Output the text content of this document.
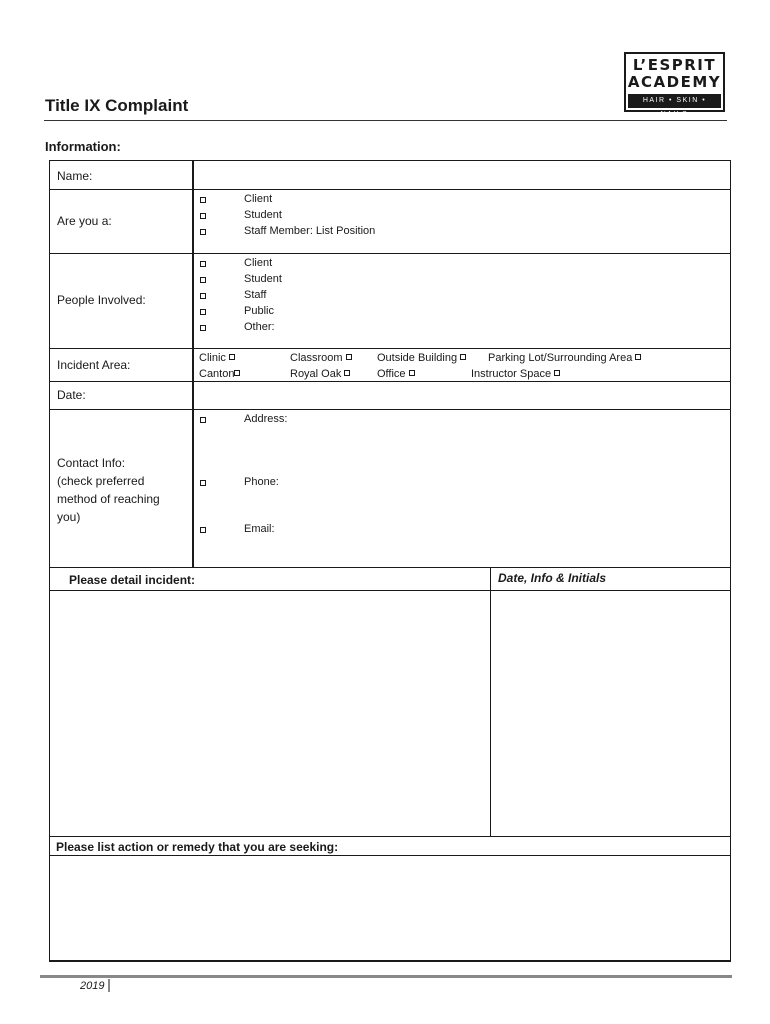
L’ESPRIT
ACADEMY
HAIR • SKIN • NAILS
Title IX Complaint
Information:
Name:
Are you a:
Client
Student
Staff Member: List Position
People Involved:
Client
Student
Staff
Public
Other:
Incident Area:	Clinic	Classroom	Outside Building	Parking Lot/Surrounding Area
Canton	Royal Oak	Office	Instructor Space
Date:
Contact Info:
(check preferred
method of reaching
you)
Address:
Phone:
Email:
Please detail incident:	Date, Info & Initials
Please list action or remedy that you are seeking:
2019
